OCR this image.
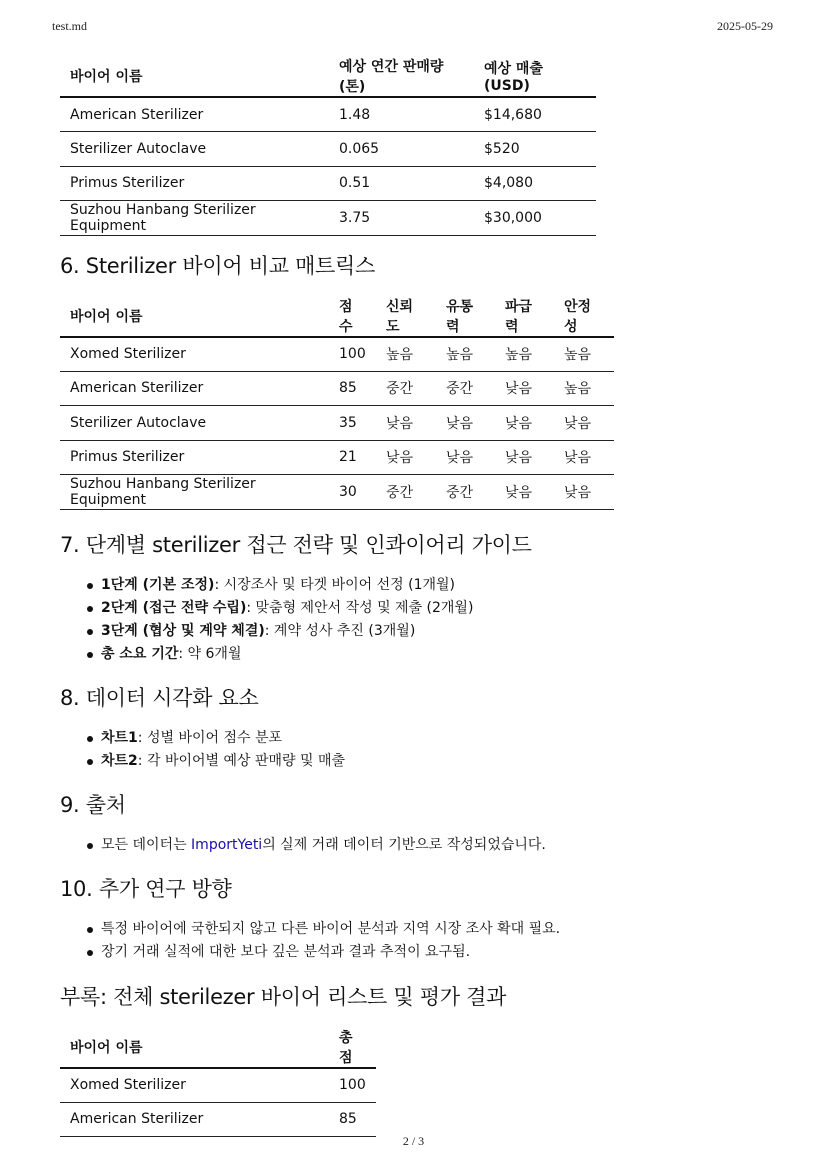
test.md	2025-05-29
바이어 이름	예상 연간 판매량 (톤)	예상 매출 (USD)
American Sterilizer	1.48	$14,680
Sterilizer Autoclave	0.065	$520
Primus Sterilizer	0.51	$4,080
Suzhou Hanbang Sterilizer Equipment	3.75	$30,000
6. Sterilizer 바이어 비교 매트릭스
바이어 이름	점수	신뢰도	유통력	파급력	안정성
Xomed Sterilizer	100	높음	높음	높음	높음
American Sterilizer	85	중간	중간	낮음	높음
Sterilizer Autoclave	35	낮음	낮음	낮음	낮음
Primus Sterilizer	21	낮음	낮음	낮음	낮음
Suzhou Hanbang Sterilizer Equipment	30	중간	중간	낮음	낮음
7. 단계별 sterilizer 접근 전략 및 인콰이어리 가이드
1단계 (기본 조정): 시장조사 및 타겟 바이어 선정 (1개월)
2단계 (접근 전략 수립): 맞춤형 제안서 작성 및 제출 (2개월)
3단계 (협상 및 계약 체결): 계약 성사 추진 (3개월)
총 소요 기간: 약 6개월
8. 데이터 시각화 요소
차트1: 성별 바이어 점수 분포
차트2: 각 바이어별 예상 판매량 및 매출
9. 출처
모든 데이터는 ImportYeti의 실제 거래 데이터 기반으로 작성되었습니다.
10. 추가 연구 방향
특정 바이어에 국한되지 않고 다른 바이어 분석과 지역 시장 조사 확대 필요.
장기 거래 실적에 대한 보다 깊은 분석과 결과 추적이 요구됨.
부록: 전체 sterilezer 바이어 리스트 및 평가 결과
바이어 이름	총점
Xomed Sterilizer	100
American Sterilizer	85
2 / 3
